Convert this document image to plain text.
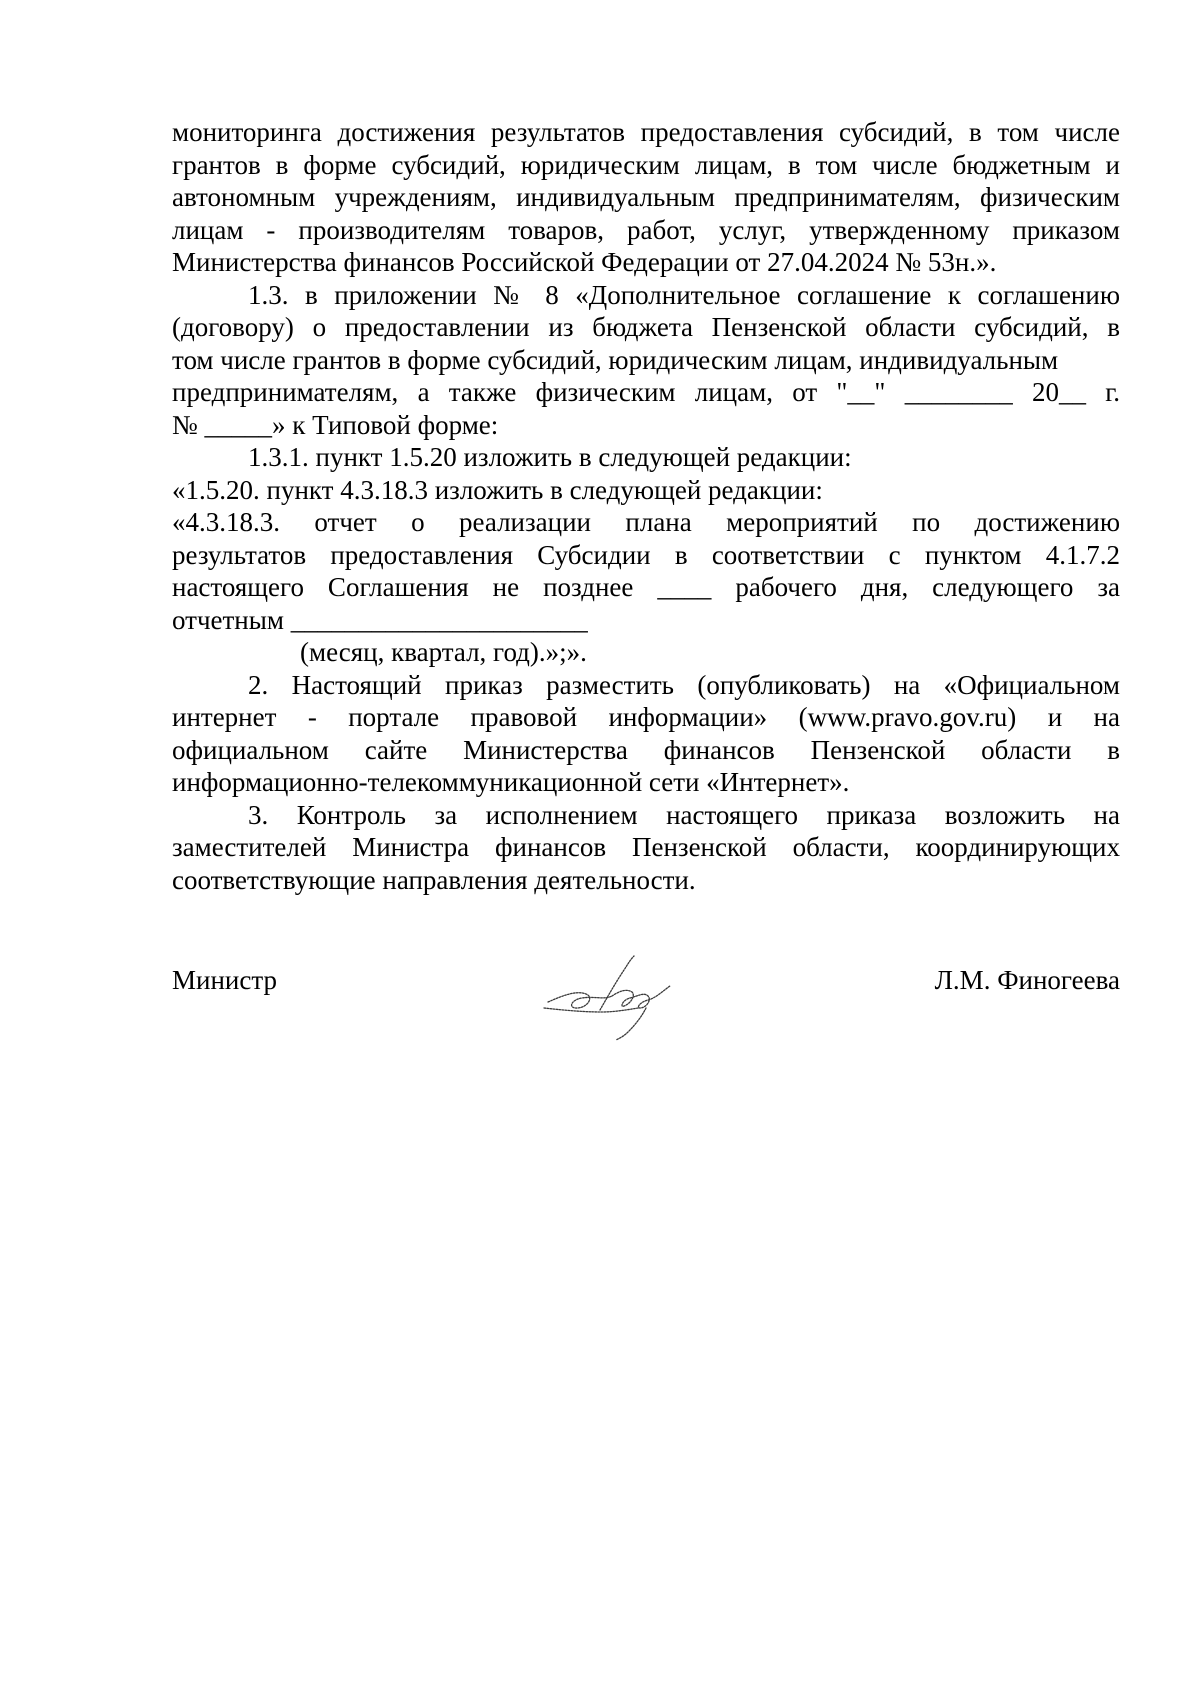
мониторинга достижения результатов предоставления субсидий, в том числе
грантов в форме субсидий, юридическим лицам, в том числе бюджетным и
автономным учреждениям, индивидуальным предпринимателям, физическим
лицам - производителям товаров, работ, услуг, утвержденному приказом
Министерства финансов Российской Федерации от 27.04.2024 № 53н.».
1.3. в приложении № 8 «Дополнительное соглашение к соглашению
(договору) о предоставлении из бюджета Пензенской области субсидий, в
том числе грантов в форме субсидий, юридическим лицам, индивидуальным
предпринимателям, а также физическим лицам, от "__" ________ 20__ г.
№ _____» к Типовой форме:
1.3.1. пункт 1.5.20 изложить в следующей редакции:
«1.5.20. пункт 4.3.18.3 изложить в следующей редакции:
«4.3.18.3. отчет о реализации плана мероприятий по достижению
результатов предоставления Субсидии в соответствии с пунктом 4.1.7.2
настоящего Соглашения не позднее ____ рабочего дня, следующего за
отчетным ______________________
(месяц, квартал, год).»;».
2. Настоящий приказ разместить (опубликовать) на «Официальном
интернет - портале правовой информации» (www.pravo.gov.ru) и на
официальном сайте Министерства финансов Пензенской области в
информационно-телекоммуникационной сети «Интернет».
3. Контроль за исполнением настоящего приказа возложить на
заместителей Министра финансов Пензенской области, координирующих
соответствующие направления деятельности.
Министр	Л.М. Финогеева
